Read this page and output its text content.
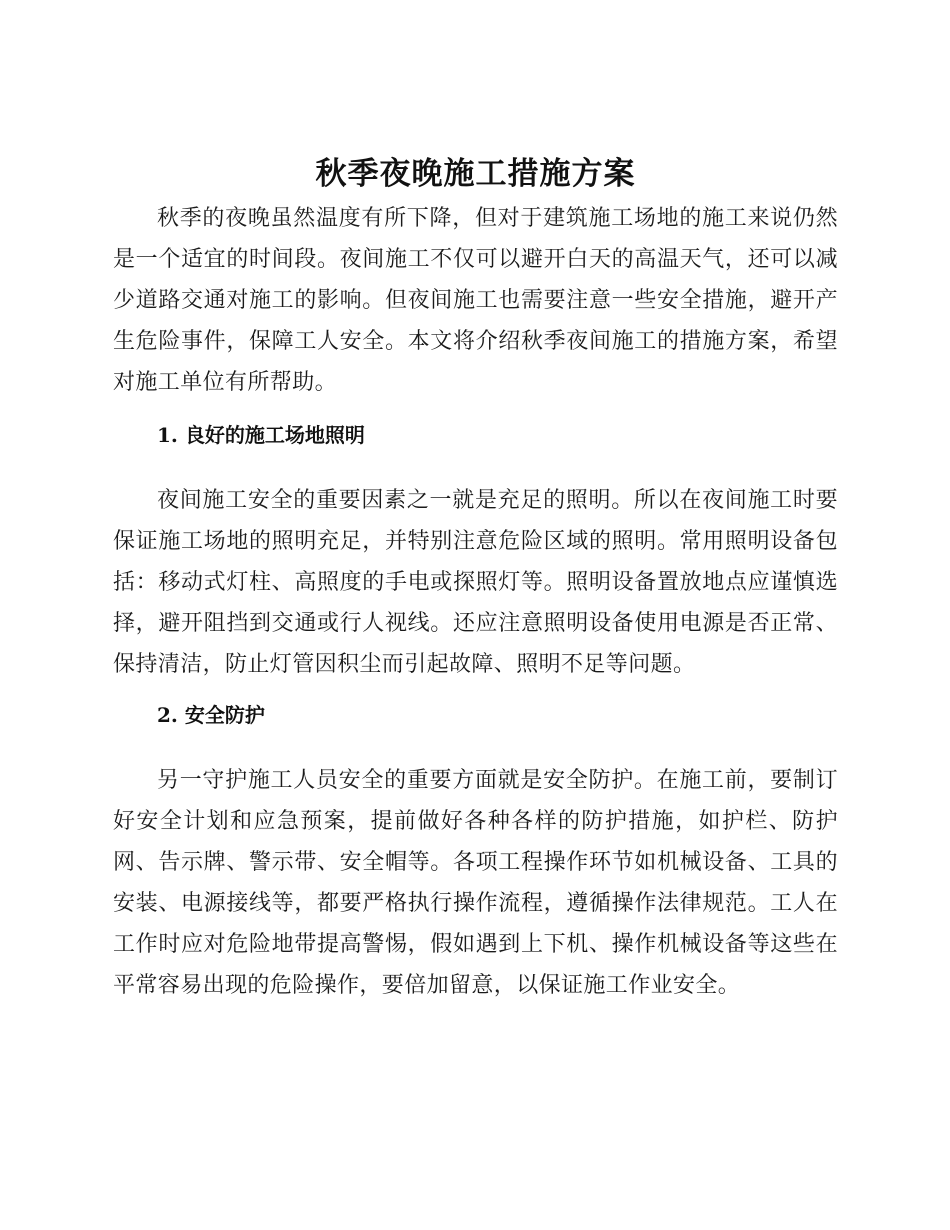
秋季夜晚施工措施方案

秋季的夜晚虽然温度有所下降，但对于建筑施工场地的施工来说仍然是一个适宜的时间段。夜间施工不仅可以避开白天的高温天气，还可以减少道路交通对施工的影响。但夜间施工也需要注意一些安全措施，避开产生危险事件，保障工人安全。本文将介绍秋季夜间施工的措施方案，希望对施工单位有所帮助。

1. 良好的施工场地照明

夜间施工安全的重要因素之一就是充足的照明。所以在夜间施工时要保证施工场地的照明充足，并特别注意危险区域的照明。常用照明设备包括：移动式灯柱、高照度的手电或探照灯等。照明设备置放地点应谨慎选择，避开阻挡到交通或行人视线。还应注意照明设备使用电源是否正常、保持清洁，防止灯管因积尘而引起故障、照明不足等问题。

2. 安全防护

另一守护施工人员安全的重要方面就是安全防护。在施工前，要制订好安全计划和应急预案，提前做好各种各样的防护措施，如护栏、防护网、告示牌、警示带、安全帽等。各项工程操作环节如机械设备、工具的安装、电源接线等，都要严格执行操作流程，遵循操作法律规范。工人在工作时应对危险地带提高警惕，假如遇到上下机、操作机械设备等这些在平常容易出现的危险操作，要倍加留意，以保证施工作业安全。
